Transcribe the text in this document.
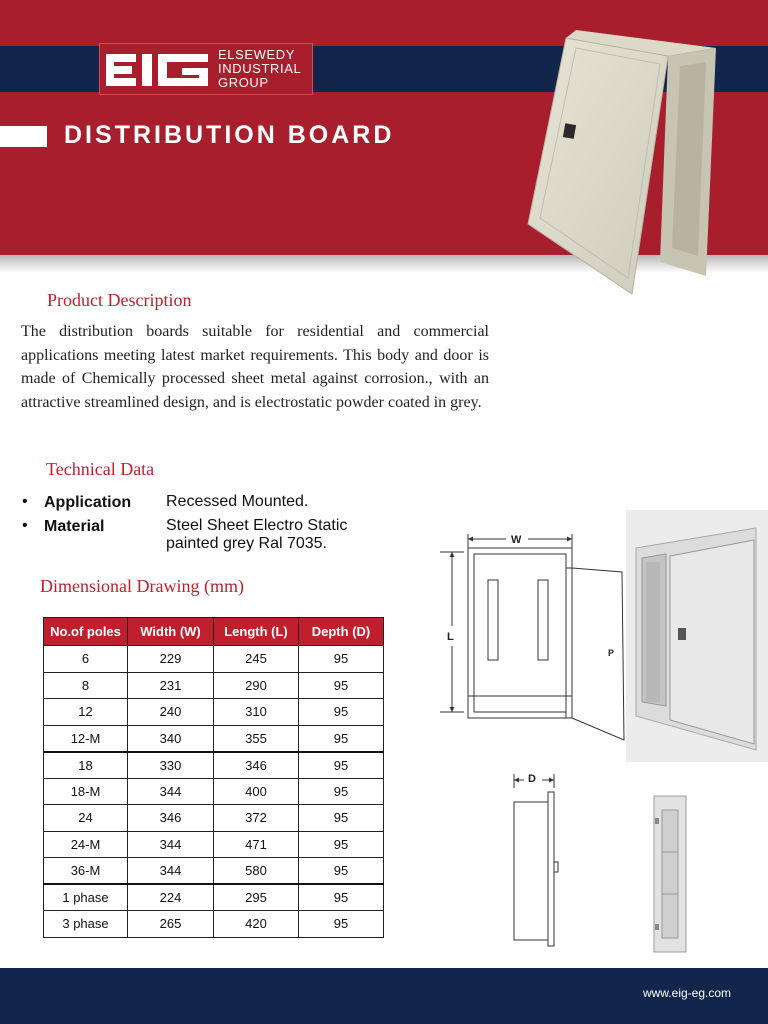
ELSEWEDY
INDUSTRIAL
GROUP
DISTRIBUTION BOARD
Product Description
The distribution boards suitable for residential and commercial applications meeting latest market requirements. This body and door is made of Chemically processed sheet metal against corrosion., with an attractive streamlined design, and is electrostatic powder coated in grey.
Technical Data
• Application Recessed Mounted.
• Material	Steel Sheet Electro Static
painted grey Ral 7035.
Dimensional Drawing (mm)
No.of poles	Width (W)	Length (L)	Depth (D)
6	229	245	95
8	231	290	95
12	240	310	95
12-M	340	355	95
18	330	346	95
18-M	344	400	95
24	346	372	95
24-M	344	471	95
36-M	344	580	95
1 phase	224	295	95
3 phase	265	420	95
W
L
P
D
www.eig-eg.com
